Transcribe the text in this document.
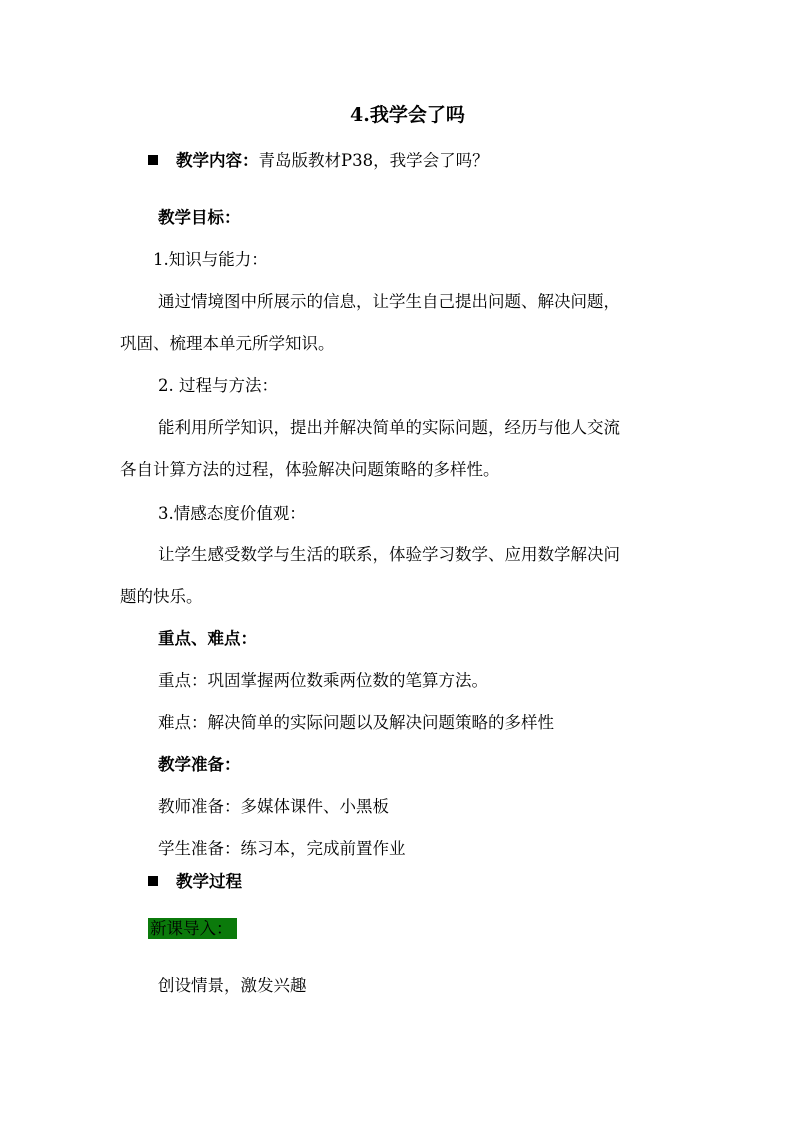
4.我学会了吗
教学内容：青岛版教材P38，我学会了吗？
教学目标：
1.知识与能力：
通过情境图中所展示的信息，让学生自己提出问题、解决问题，
巩固、梳理本单元所学知识。
2. 过程与方法：
能利用所学知识，提出并解决简单的实际问题，经历与他人交流
各自计算方法的过程，体验解决问题策略的多样性。
3.情感态度价值观：
让学生感受数学与生活的联系，体验学习数学、应用数学解决问
题的快乐。
重点、难点：
重点：巩固掌握两位数乘两位数的笔算方法。
难点：解决简单的实际问题以及解决问题策略的多样性
教学准备：
教师准备：多媒体课件、小黑板
学生准备：练习本，完成前置作业
教学过程
新课导入：
创设情景，激发兴趣
